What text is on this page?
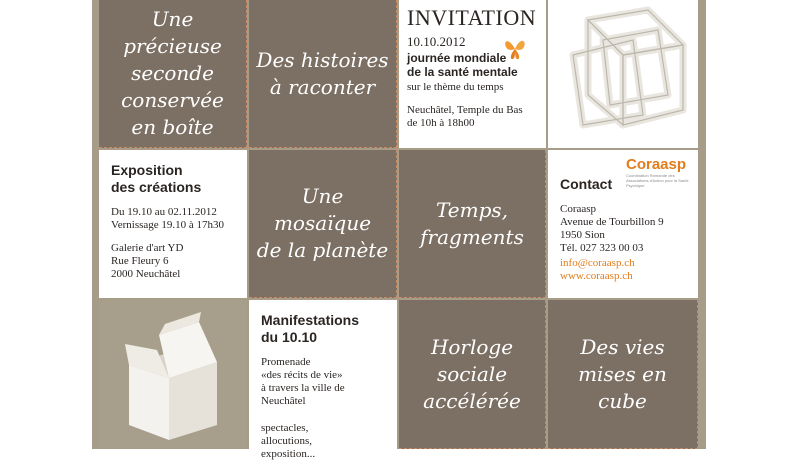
Une précieuse
seconde
conservée
en boîte
Des histoires
à raconter
INVITATION
10.10.2012
journée mondiale
de la santé mentale
sur le thème du temps
Neuchâtel, Temple du Bas
de 10h à 18h00
Exposition
des créations

Du 19.10 au 02.11.2012
Vernissage 19.10 à 17h30

Galerie d'art YD
Rue Fleury 6
2000 Neuchâtel

Une mosaïque
de la planète
Temps,
fragments
Coraasp
Coordination Romande des Associations d'Action pour la Santé Psychique
Contact

Coraasp
Avenue de Tourbillon 9
1950 Sion
Tél. 027 323 00 03

info@coraasp.ch

www.coraasp.ch

Manifestations
du 10.10

Promenade
«des récits de vie»
à travers la ville de Neuchâtel

spectacles,
allocutions,
exposition...

Horloge sociale
accélérée
Des vies
mises en cube
